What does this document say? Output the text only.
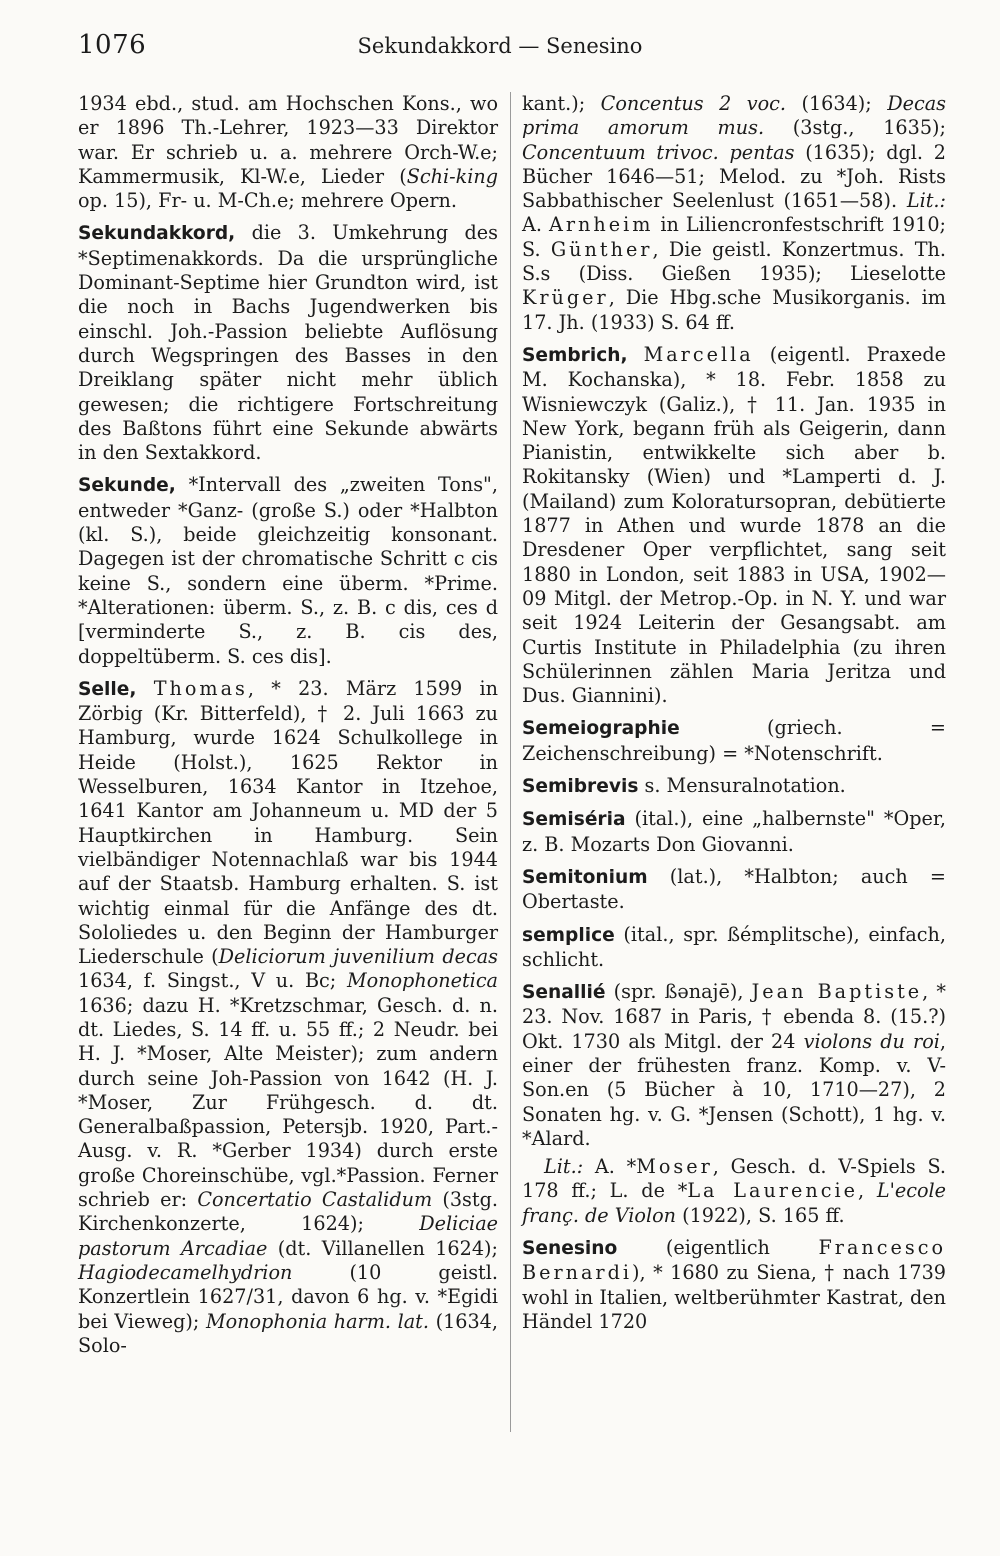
1076	Sekundakkord — Senesino

1934 ebd., stud. am Hochschen Kons., wo er 1896 Th.-Lehrer, 1923—33 Direktor war. Er schrieb u. a. mehrere Orch-W.e; Kammermusik, Kl-W.e, Lieder (Schi-king op. 15), Fr- u. M-Ch.e; mehrere Opern.

Sekundakkord, die 3. Umkehrung des *Septimenakkords. Da die ursprüngliche Dominant-Septime hier Grundton wird, ist die noch in Bachs Jugendwerken bis einschl. Joh.-Passion beliebte Auflösung durch Wegspringen des Basses in den Dreiklang später nicht mehr üblich gewesen; die richtigere Fortschreitung des Baßtons führt eine Sekunde abwärts in den Sextakkord.

Sekunde, *Intervall des „zweiten Tons", entweder *Ganz- (große S.) oder *Halbton (kl. S.), beide gleichzeitig konsonant. Dagegen ist der chromatische Schritt c cis keine S., sondern eine überm. *Prime. *Alterationen: überm. S., z. B. c dis, ces d [verminderte S., z. B. cis des, doppeltüberm. S. ces dis].

Selle, Thomas, * 23. März 1599 in Zörbig (Kr. Bitterfeld), † 2. Juli 1663 zu Hamburg, wurde 1624 Schulkollege in Heide (Holst.), 1625 Rektor in Wesselburen, 1634 Kantor in Itzehoe, 1641 Kantor am Johanneum u. MD der 5 Hauptkirchen in Hamburg. Sein vielbändiger Notennachlaß war bis 1944 auf der Staatsb. Hamburg erhalten. S. ist wichtig einmal für die Anfänge des dt. Sololiedes u. den Beginn der Hamburger Liederschule (Deliciorum juvenilium decas 1634, f. Singst., V u. Bc; Monophonetica 1636; dazu H. *Kretzschmar, Gesch. d. n. dt. Liedes, S. 14 ff. u. 55 ff.; 2 Neudr. bei H. J. *Moser, Alte Meister); zum andern durch seine Joh-Passion von 1642 (H. J. *Moser, Zur Frühgesch. d. dt. Generalbaßpassion, Petersjb. 1920, Part.-Ausg. v. R. *Gerber 1934) durch erste große Choreinschübe, vgl.*Passion. Ferner schrieb er: Concertatio Castalidum (3stg. Kirchenkonzerte, 1624); Deliciae pastorum Arcadiae (dt. Villanellen 1624); Hagiodecamelhydrion (10 geistl. Konzertlein 1627/31, davon 6 hg. v. *Egidi bei Vieweg); Monophonia harm. lat. (1634, Solo-

kant.); Concentus 2 voc. (1634); Decas prima amorum mus. (3stg., 1635); Concentuum trivoc. pentas (1635); dgl. 2 Bücher 1646—51; Melod. zu *Joh. Rists Sabbathischer Seelenlust (1651—58). Lit.: A. Arnheim in Liliencronfestschrift 1910; S. Günther, Die geistl. Konzertmus. Th. S.s (Diss. Gießen 1935); Lieselotte Krüger, Die Hbg.sche Musikorganis. im 17. Jh. (1933) S. 64 ff.

Sembrich, Marcella (eigentl. Praxede M. Kochanska), * 18. Febr. 1858 zu Wisniewczyk (Galiz.), † 11. Jan. 1935 in New York, begann früh als Geigerin, dann Pianistin, entwikkelte sich aber b. Rokitansky (Wien) und *Lamperti d. J. (Mailand) zum Koloratursopran, debütierte 1877 in Athen und wurde 1878 an die Dresdener Oper verpflichtet, sang seit 1880 in London, seit 1883 in USA, 1902—09 Mitgl. der Metrop.-Op. in N. Y. und war seit 1924 Leiterin der Gesangsabt. am Curtis Institute in Philadelphia (zu ihren Schülerinnen zählen Maria Jeritza und Dus. Giannini).

Semeiographie (griech. = Zeichenschreibung) = *Notenschrift.

Semibrevis s. Mensuralnotation.

Semiséria (ital.), eine „halbernste" *Oper, z. B. Mozarts Don Giovanni.

Semitonium (lat.), *Halbton; auch = Obertaste.

semplice (ital., spr. ßémplitsche), einfach, schlicht.

Senallié (spr. ßənajē), Jean Baptiste, * 23. Nov. 1687 in Paris, † ebenda 8. (15.?) Okt. 1730 als Mitgl. der 24 violons du roi, einer der frühesten franz. Komp. v. V-Son.en (5 Bücher à 10, 1710—27), 2 Sonaten hg. v. G. *Jensen (Schott), 1 hg. v. *Alard.

Lit.: A. *Moser, Gesch. d. V-Spiels S. 178 ff.; L. de *La Laurencie, L'ecole franç. de Violon (1922), S. 165 ff.

Senesino (eigentlich Francesco Bernardi), * 1680 zu Siena, † nach 1739 wohl in Italien, weltberühmter Kastrat, den Händel 1720
